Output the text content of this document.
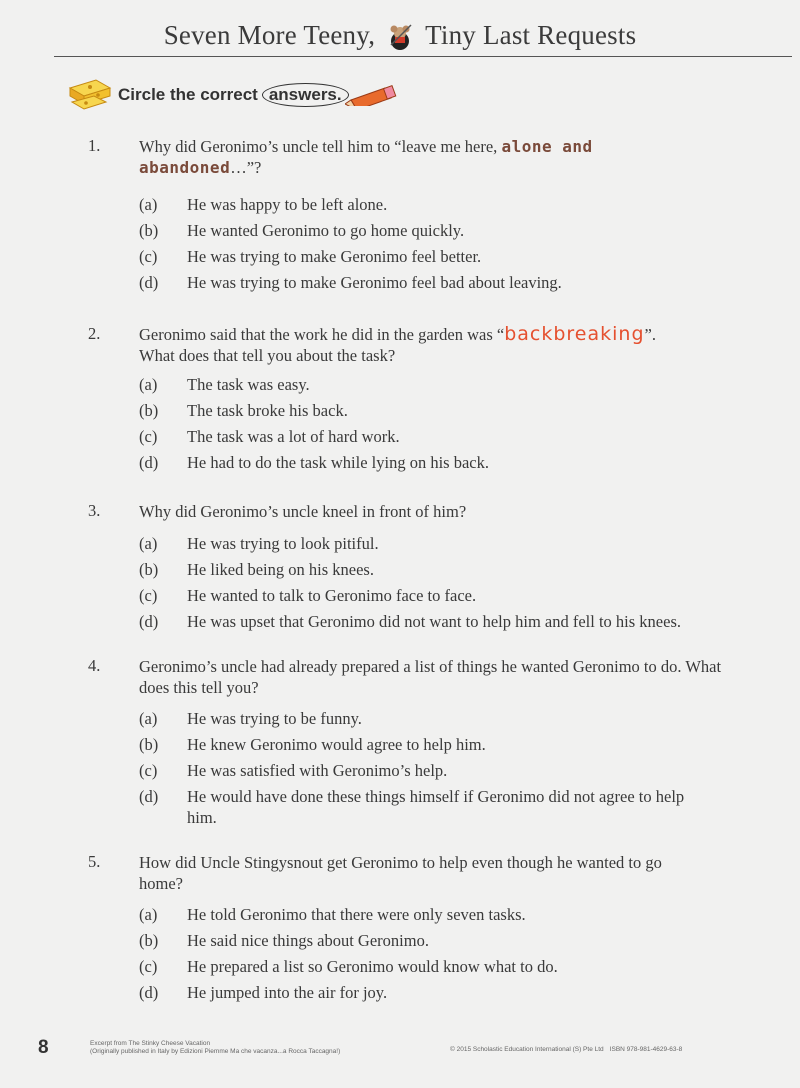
Seven More Teeny, Tiny Last Requests
Circle the correct answers.
1. Why did Geronimo’s uncle tell him to “leave me here, alone and
abandoned…”?
(a) He was happy to be left alone.
(b) He wanted Geronimo to go home quickly.
(c) He was trying to make Geronimo feel better.
(d) He was trying to make Geronimo feel bad about leaving.
2. Geronimo said that the work he did in the garden was “backbreaking”.
What does that tell you about the task?
(a) The task was easy.
(b) The task broke his back.
(c) The task was a lot of hard work.
(d) He had to do the task while lying on his back.
3. Why did Geronimo’s uncle kneel in front of him?
(a) He was trying to look pitiful.
(b) He liked being on his knees.
(c) He wanted to talk to Geronimo face to face.
(d) He was upset that Geronimo did not want to help him and fell to his knees.
4. Geronimo’s uncle had already prepared a list of things he wanted Geronimo to do. What does this tell you?
(a) He was trying to be funny.
(b) He knew Geronimo would agree to help him.
(c) He was satisfied with Geronimo’s help.
(d) He would have done these things himself if Geronimo did not agree to help him.
5. How did Uncle Stingysnout get Geronimo to help even though he wanted to go home?
(a) He told Geronimo that there were only seven tasks.
(b) He said nice things about Geronimo.
(c) He prepared a list so Geronimo would know what to do.
(d) He jumped into the air for joy.
8	Excerpt from The Stinky Cheese Vacation
(Originally published in Italy by Edizioni Piemme Ma che vacanza...a Rocca Taccagna!)	© 2015 Scholastic Education International (S) Pte Ltd ISBN 978-981-4629-63-8
